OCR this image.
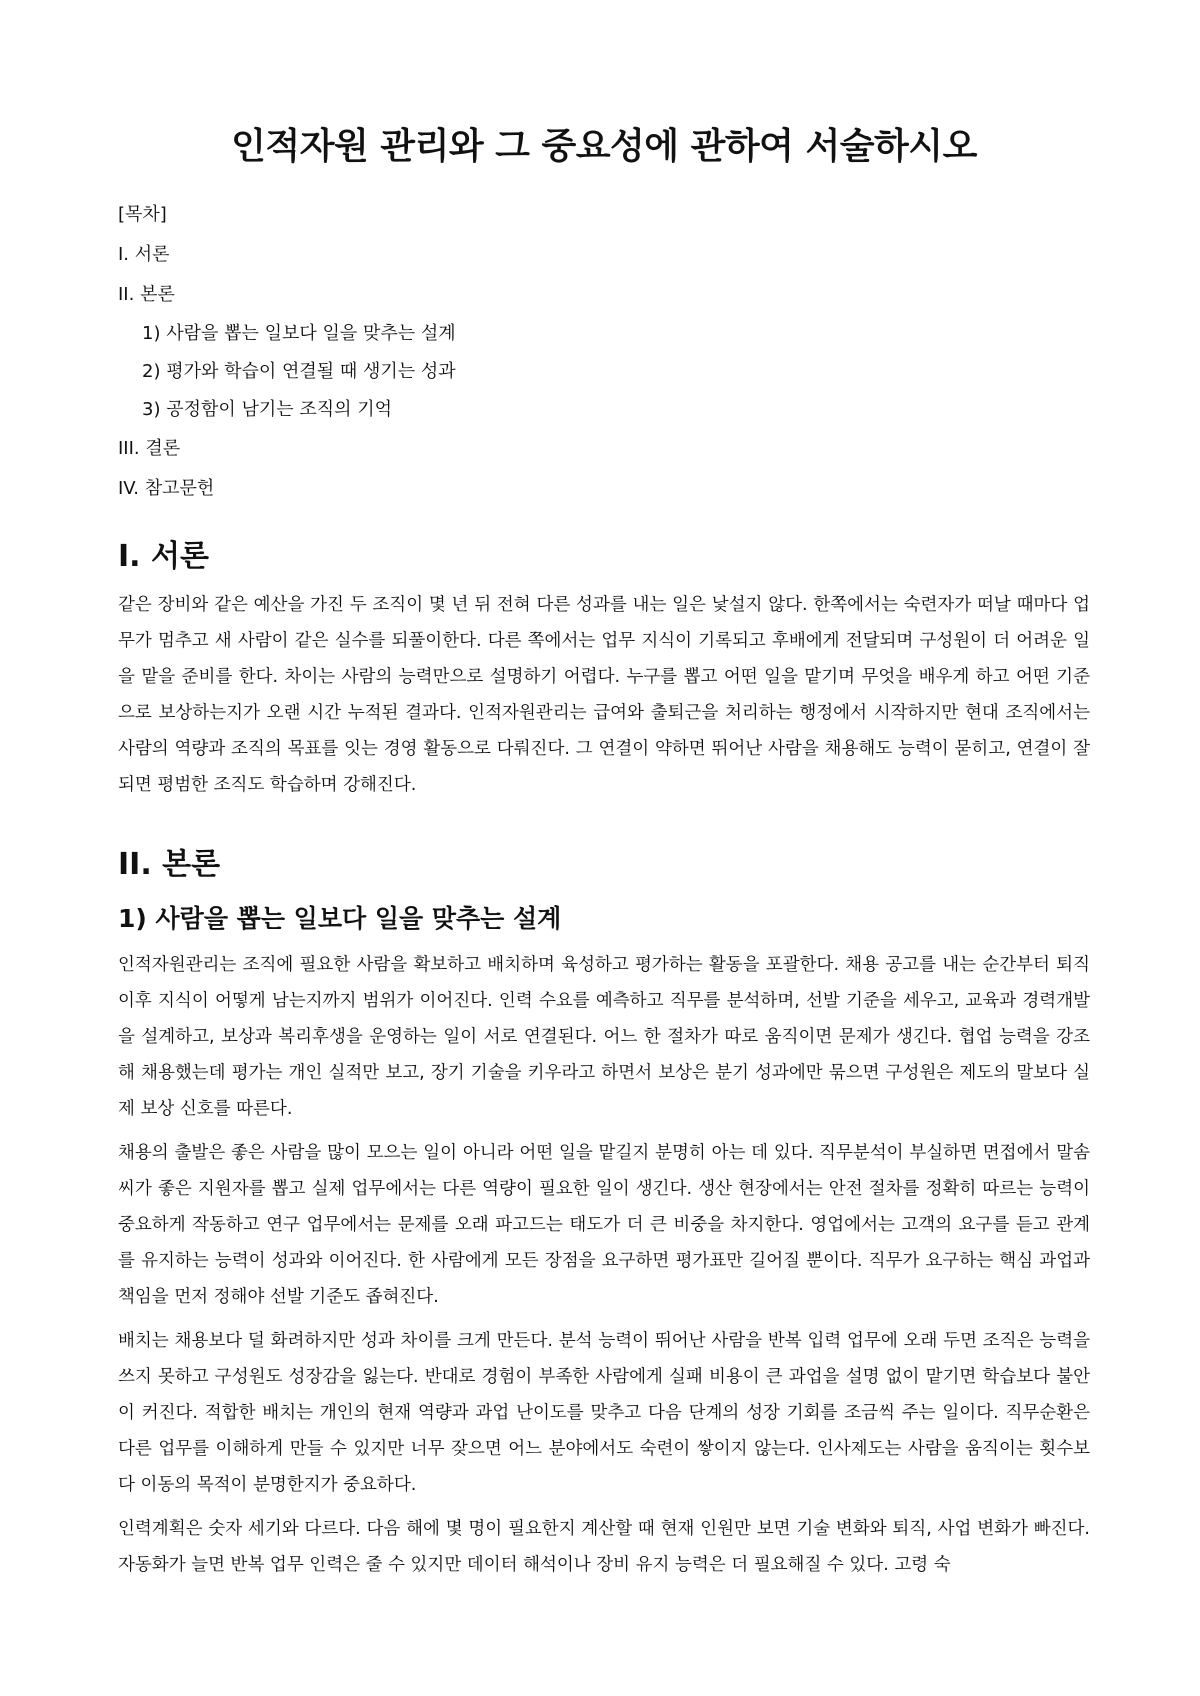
인적자원 관리와 그 중요성에 관하여 서술하시오
[목차]
I. 서론
II. 본론
1) 사람을 뽑는 일보다 일을 맞추는 설계
2) 평가와 학습이 연결될 때 생기는 성과
3) 공정함이 남기는 조직의 기억
III. 결론
IV. 참고문헌
I. 서론

같은 장비와 같은 예산을 가진 두 조직이 몇 년 뒤 전혀 다른 성과를 내는 일은 낯설지 않다. 한쪽에서는 숙련자가 떠날 때마다 업무가 멈추고 새 사람이 같은 실수를 되풀이한다. 다른 쪽에서는 업무 지식이 기록되고 후배에게 전달되며 구성원이 더 어려운 일을 맡을 준비를 한다. 차이는 사람의 능력만으로 설명하기 어렵다. 누구를 뽑고 어떤 일을 맡기며 무엇을 배우게 하고 어떤 기준으로 보상하는지가 오랜 시간 누적된 결과다. 인적자원관리는 급여와 출퇴근을 처리하는 행정에서 시작하지만 현대 조직에서는 사람의 역량과 조직의 목표를 잇는 경영 활동으로 다뤄진다. 그 연결이 약하면 뛰어난 사람을 채용해도 능력이 묻히고, 연결이 잘되면 평범한 조직도 학습하며 강해진다.

II. 본론
1) 사람을 뽑는 일보다 일을 맞추는 설계

인적자원관리는 조직에 필요한 사람을 확보하고 배치하며 육성하고 평가하는 활동을 포괄한다. 채용 공고를 내는 순간부터 퇴직 이후 지식이 어떻게 남는지까지 범위가 이어진다. 인력 수요를 예측하고 직무를 분석하며, 선발 기준을 세우고, 교육과 경력개발을 설계하고, 보상과 복리후생을 운영하는 일이 서로 연결된다. 어느 한 절차가 따로 움직이면 문제가 생긴다. 협업 능력을 강조해 채용했는데 평가는 개인 실적만 보고, 장기 기술을 키우라고 하면서 보상은 분기 성과에만 묶으면 구성원은 제도의 말보다 실제 보상 신호를 따른다.

채용의 출발은 좋은 사람을 많이 모으는 일이 아니라 어떤 일을 맡길지 분명히 아는 데 있다. 직무분석이 부실하면 면접에서 말솜씨가 좋은 지원자를 뽑고 실제 업무에서는 다른 역량이 필요한 일이 생긴다. 생산 현장에서는 안전 절차를 정확히 따르는 능력이 중요하게 작동하고 연구 업무에서는 문제를 오래 파고드는 태도가 더 큰 비중을 차지한다. 영업에서는 고객의 요구를 듣고 관계를 유지하는 능력이 성과와 이어진다. 한 사람에게 모든 장점을 요구하면 평가표만 길어질 뿐이다. 직무가 요구하는 핵심 과업과 책임을 먼저 정해야 선발 기준도 좁혀진다.

배치는 채용보다 덜 화려하지만 성과 차이를 크게 만든다. 분석 능력이 뛰어난 사람을 반복 입력 업무에 오래 두면 조직은 능력을 쓰지 못하고 구성원도 성장감을 잃는다. 반대로 경험이 부족한 사람에게 실패 비용이 큰 과업을 설명 없이 맡기면 학습보다 불안이 커진다. 적합한 배치는 개인의 현재 역량과 과업 난이도를 맞추고 다음 단계의 성장 기회를 조금씩 주는 일이다. 직무순환은 다른 업무를 이해하게 만들 수 있지만 너무 잦으면 어느 분야에서도 숙련이 쌓이지 않는다. 인사제도는 사람을 움직이는 횟수보다 이동의 목적이 분명한지가 중요하다.

인력계획은 숫자 세기와 다르다. 다음 해에 몇 명이 필요한지 계산할 때 현재 인원만 보면 기술 변화와 퇴직, 사업 변화가 빠진다. 자동화가 늘면 반복 업무 인력은 줄 수 있지만 데이터 해석이나 장비 유지 능력은 더 필요해질 수 있다. 고령 숙
